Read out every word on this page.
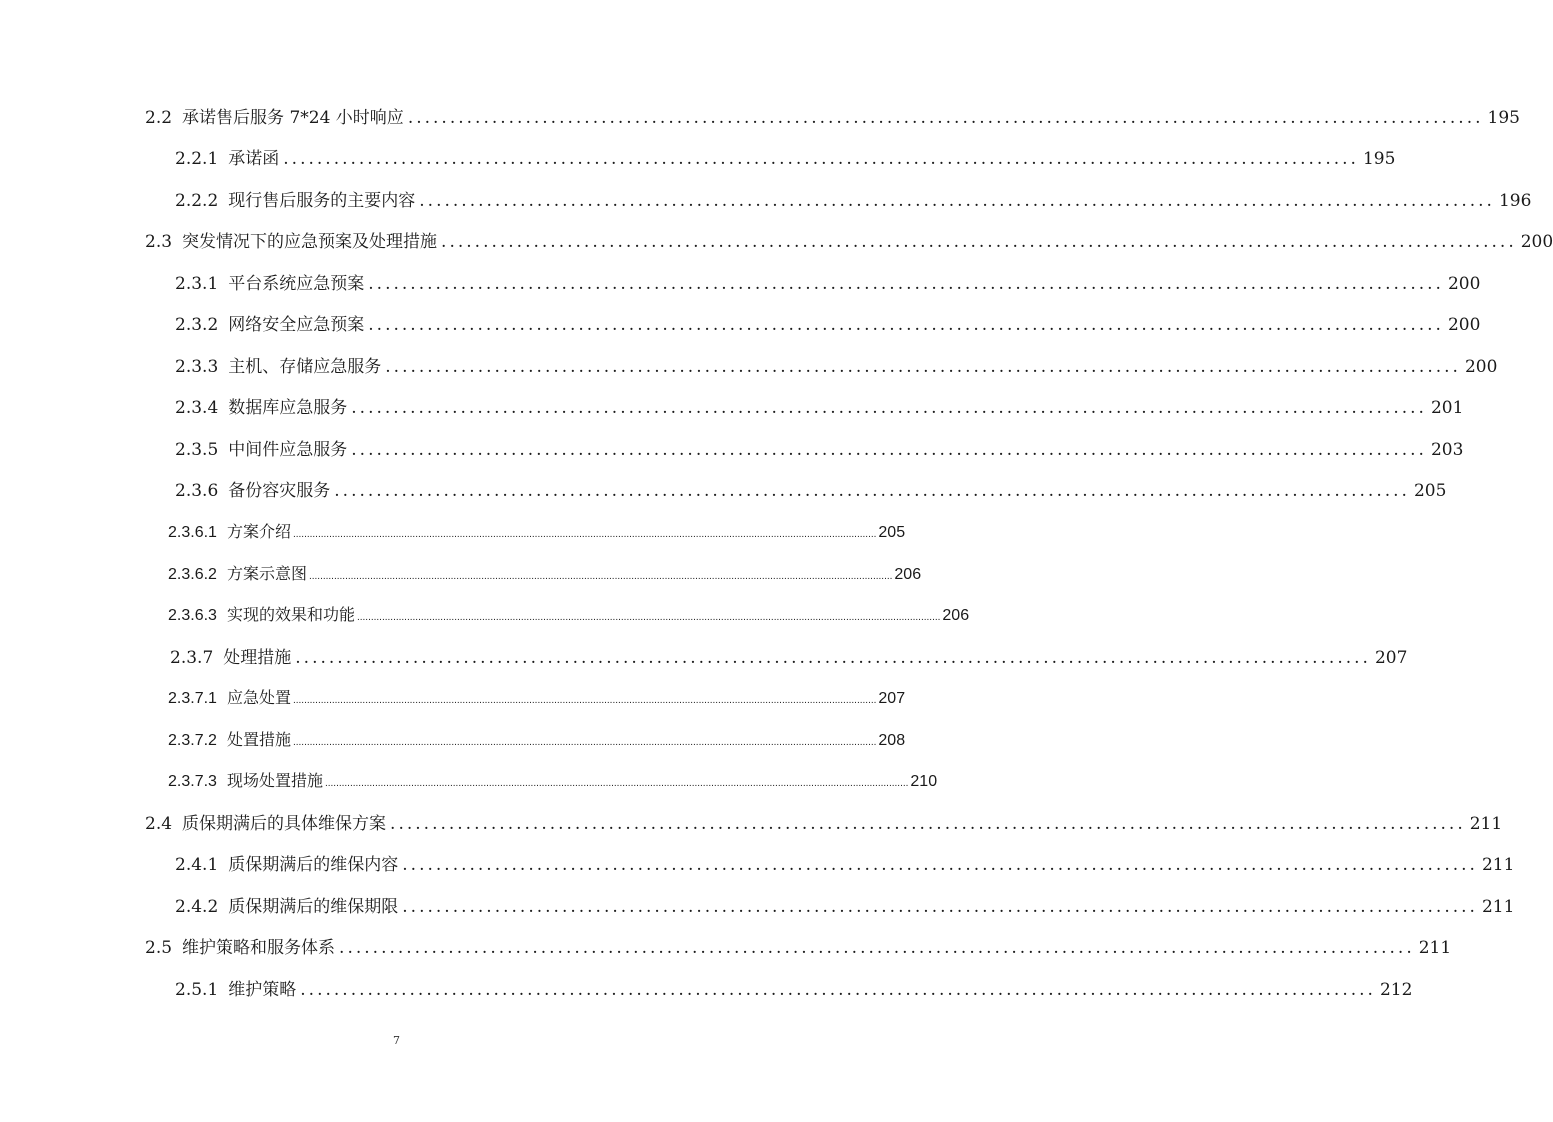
2.2 承诺售后服务 7*24 小时响应 ................................................................................................................................ 195
2.2.1 承诺函 ................................................................................................................................ 195
2.2.2 现行售后服务的主要内容 ................................................................................................................................ 196
2.3 突发情况下的应急预案及处理措施 ................................................................................................................................ 200
2.3.1 平台系统应急预案 ................................................................................................................................ 200
2.3.2 网络安全应急预案 ................................................................................................................................ 200
2.3.3 主机、存储应急服务 ................................................................................................................................ 200
2.3.4 数据库应急服务 ................................................................................................................................ 201
2.3.5 中间件应急服务 ................................................................................................................................ 203
2.3.6 备份容灾服务 ................................................................................................................................ 205
2.3.6.1 方案介绍 .................................................................................................................................................................................................................. 205
2.3.6.2 方案示意图 .................................................................................................................................................................................................................. 206
2.3.6.3 实现的效果和功能 .................................................................................................................................................................................................................. 206
2.3.7 处理措施 ................................................................................................................................ 207
2.3.7.1 应急处置 .................................................................................................................................................................................................................. 207
2.3.7.2 处置措施 .................................................................................................................................................................................................................. 208
2.3.7.3 现场处置措施 .................................................................................................................................................................................................................. 210
2.4 质保期满后的具体维保方案 ................................................................................................................................ 211
2.4.1 质保期满后的维保内容 ................................................................................................................................ 211
2.4.2 质保期满后的维保期限 ................................................................................................................................ 211
2.5 维护策略和服务体系 ................................................................................................................................ 211
2.5.1 维护策略 ................................................................................................................................ 212
7
